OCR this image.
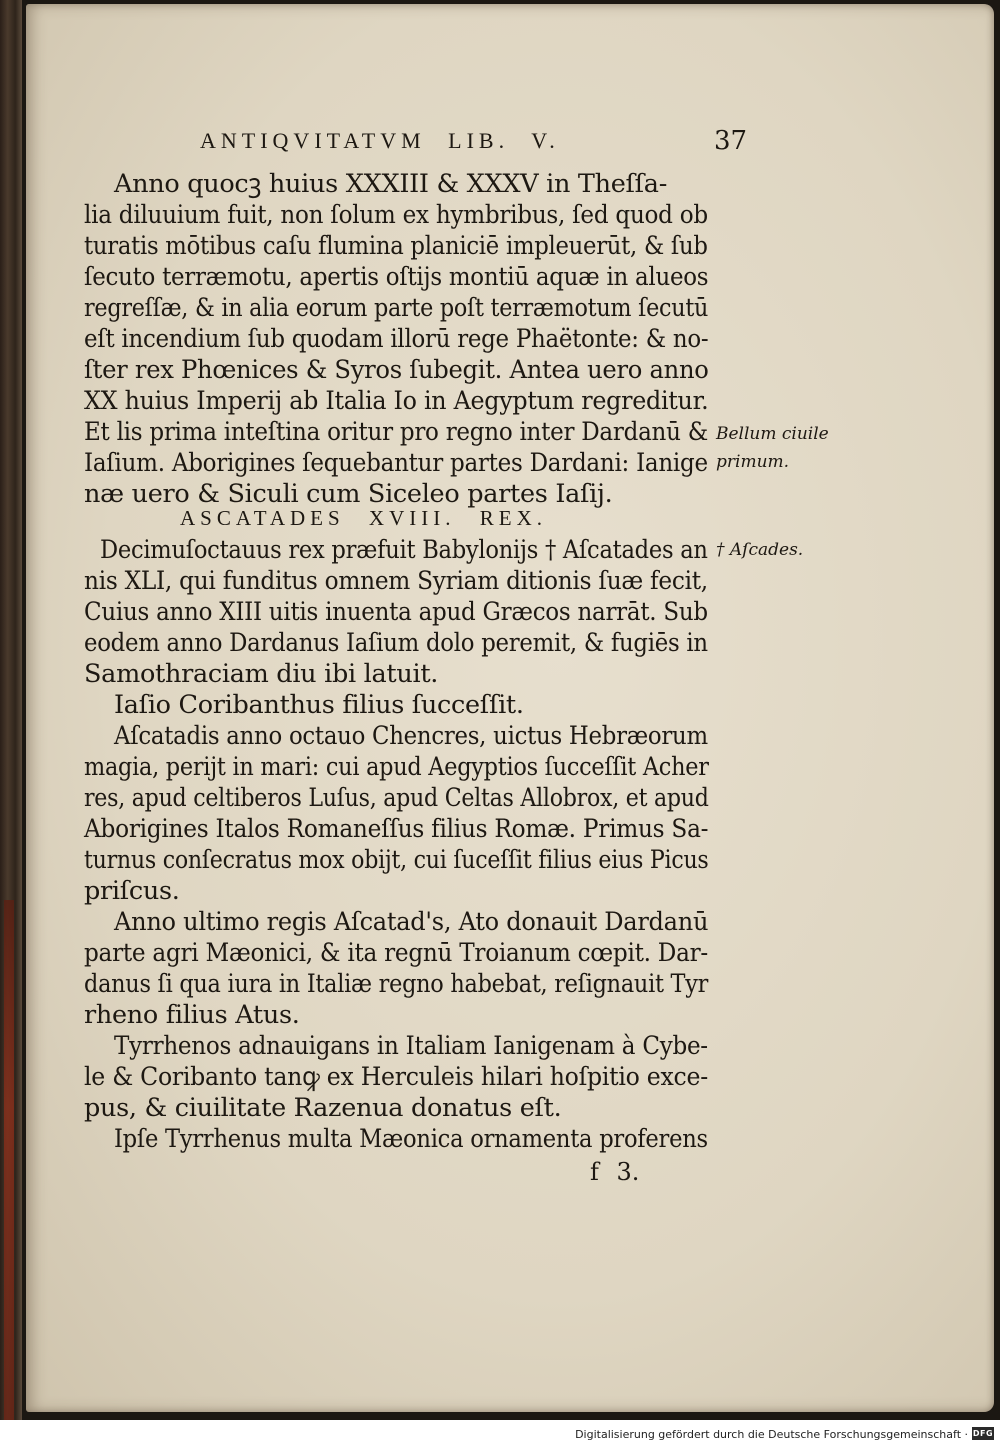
ANTIQVITATVM LIB. V.	37
Anno quocꝫ huius XXXIII & XXXV in Theſſa-
lia diluuium fuit, non ſolum ex hymbribus, ſed quod ob
turatis mōtibus caſu flumina planiciē impleuerūt, & ſub
ſecuto terræmotu, apertis oſtijs montiū aquæ in alueos
regreſſæ, & in alia eorum parte poſt terræmotum ſecutū
eſt incendium ſub quodam illorū rege Phaëtonte: & no-
ſter rex Phœnices & Syros ſubegit. Antea uero anno
XX huius Imperij ab Italia Io in Aegyptum regreditur.
Et lis prima inteſtina oritur pro regno inter Dardanū &
Iaſium. Aborigines ſequebantur partes Dardani: Ianige
næ uero & Siculi cum Siceleo partes Iaſij.
ASCATADES XVIII. REX.
Decimuſoctauus rex præfuit Babylonijs † Aſcatades an
nis XLI, qui funditus omnem Syriam ditionis ſuæ fecit,
Cuius anno XIII uitis inuenta apud Græcos narrāt. Sub
eodem anno Dardanus Iaſium dolo peremit, & fugiēs in
Samothraciam diu ibi latuit.
Iaſio Coribanthus filius ſucceſſit.
Aſcatadis anno octauo Chencres, uictus Hebræorum
magia, perijt in mari: cui apud Aegyptios ſucceſſit Acher
res, apud celtiberos Luſus, apud Celtas Allobrox, et apud
Aborigines Italos Romaneſſus filius Romæ. Primus Sa-
turnus conſecratus mox obijt, cui ſuceſſit filius eius Picus
priſcus.
Anno ultimo regis Aſcatad's, Ato donauit Dardanū
parte agri Mæonici, & ita regnū Troianum cœpit. Dar-
danus ſi qua iura in Italiæ regno habebat, reſignauit Tyr
rheno filius Atus.
Tyrrhenos adnauigans in Italiam Ianigenam à Cybe-
le & Coribanto tanꝙ ex Herculeis hilari hoſpitio exce-
pus, & ciuilitate Razenua donatus eſt.
Ipſe Tyrrhenus multa Mæonica ornamenta proferens
f 3.
Bellum ciuile
primum.
† Aſcades.
Digitalisierung gefördert durch die Deutsche Forschungsgemeinschaft · DFG
